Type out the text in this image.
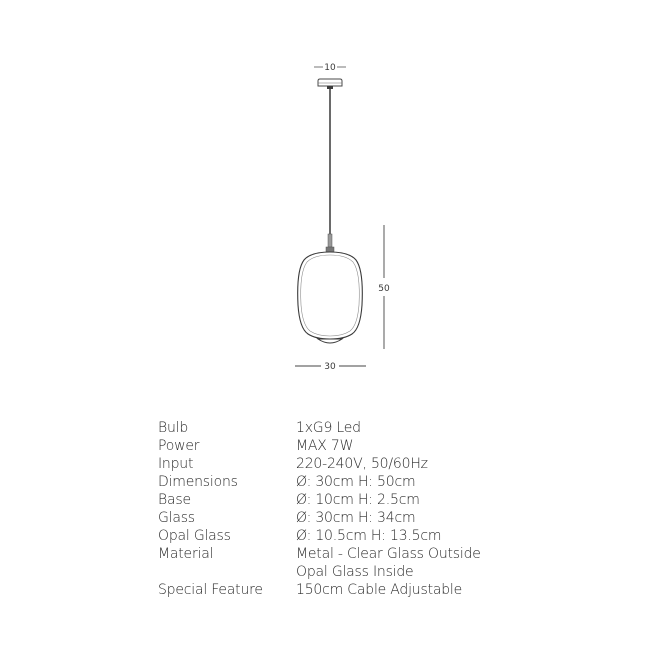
10
50
30
Bulb	1xG9 Led
Power	MAX 7W
Input	220-240V, 50/60Hz
Dimensions	Ø: 30cm H: 50cm
Base	Ø: 10cm H: 2.5cm
Glass	Ø: 30cm H: 34cm
Opal Glass	Ø: 10.5cm H: 13.5cm
Material	Metal - Clear Glass Outside
Opal Glass Inside
Special Feature	150cm Cable Adjustable
